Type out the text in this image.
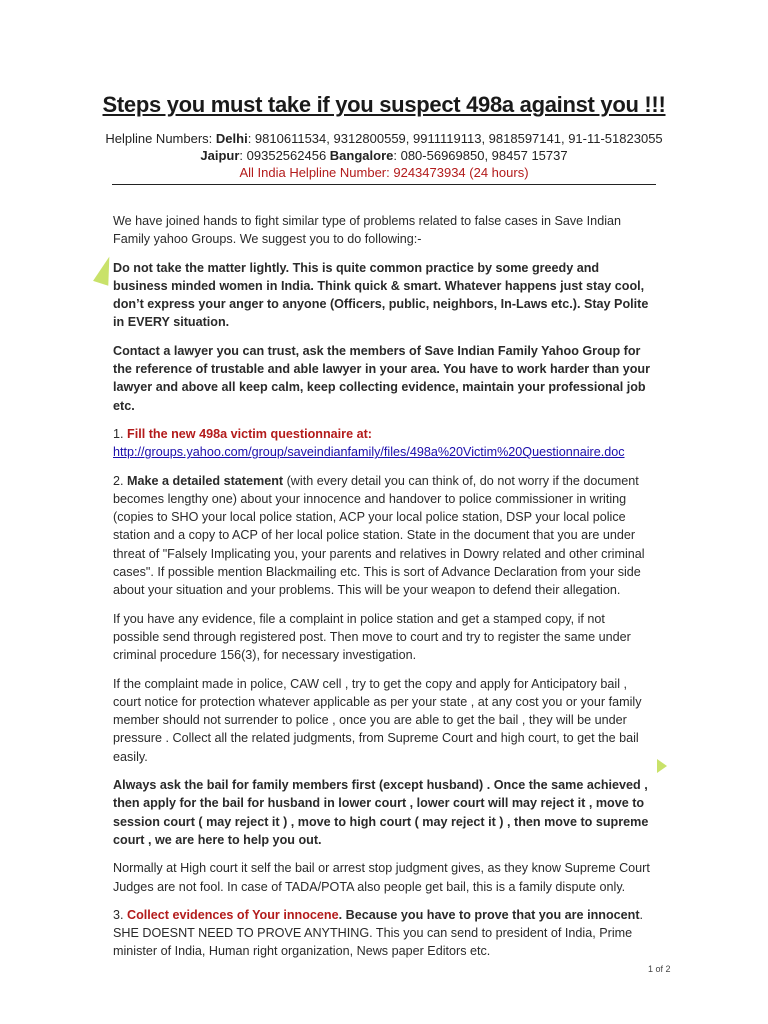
Steps you must take if you suspect 498a against you !!!
Helpline Numbers: Delhi: 9810611534, 9312800559, 9911119113, 9818597141, 91-11-51823055
Jaipur: 09352562456 Bangalore: 080-56969850, 98457 15737
All India Helpline Number: 9243473934 (24 hours)

We have joined hands to fight similar type of problems related to false cases in Save Indian Family yahoo Groups. We suggest you to do following:-

Do not take the matter lightly. This is quite common practice by some greedy and business minded women in India. Think quick & smart. Whatever happens just stay cool, don’t express your anger to anyone (Officers, public, neighbors, In-Laws etc.). Stay Polite in EVERY situation.

Contact a lawyer you can trust, ask the members of Save Indian Family Yahoo Group for the reference of trustable and able lawyer in your area. You have to work harder than your lawyer and above all keep calm, keep collecting evidence, maintain your professional job etc.

1. Fill the new 498a victim questionnaire at:
http://groups.yahoo.com/group/saveindianfamily/files/498a%20Victim%20Questionnaire.doc

2. Make a detailed statement (with every detail you can think of, do not worry if the document becomes lengthy one) about your innocence and handover to police commissioner in writing (copies to SHO your local police station, ACP your local police station, DSP your local police station and a copy to ACP of her local police station. State in the document that you are under threat of "Falsely Implicating you, your parents and relatives in Dowry related and other criminal cases". If possible mention Blackmailing etc. This is sort of Advance Declaration from your side about your situation and your problems. This will be your weapon to defend their allegation.

If you have any evidence, file a complaint in police station and get a stamped copy, if not possible send through registered post. Then move to court and try to register the same under criminal procedure 156(3), for necessary investigation.

If the complaint made in police, CAW cell , try to get the copy and apply for Anticipatory bail , court notice for protection whatever applicable as per your state , at any cost you or your family member should not surrender to police , once you are able to get the bail , they will be under pressure . Collect all the related judgments, from Supreme Court and high court, to get the bail easily.

Always ask the bail for family members first (except husband) . Once the same achieved , then apply for the bail for husband in lower court , lower court will may reject it , move to session court ( may reject it ) , move to high court ( may reject it ) , then move to supreme court , we are here to help you out.

Normally at High court it self the bail or arrest stop judgment gives, as they know Supreme Court Judges are not fool. In case of TADA/POTA also people get bail, this is a family dispute only.

3. Collect evidences of Your innocene. Because you have to prove that you are innocent. SHE DOESNT NEED TO PROVE ANYTHING. This you can send to president of India, Prime minister of India, Human right organization, News paper Editors etc.

1 of 2
